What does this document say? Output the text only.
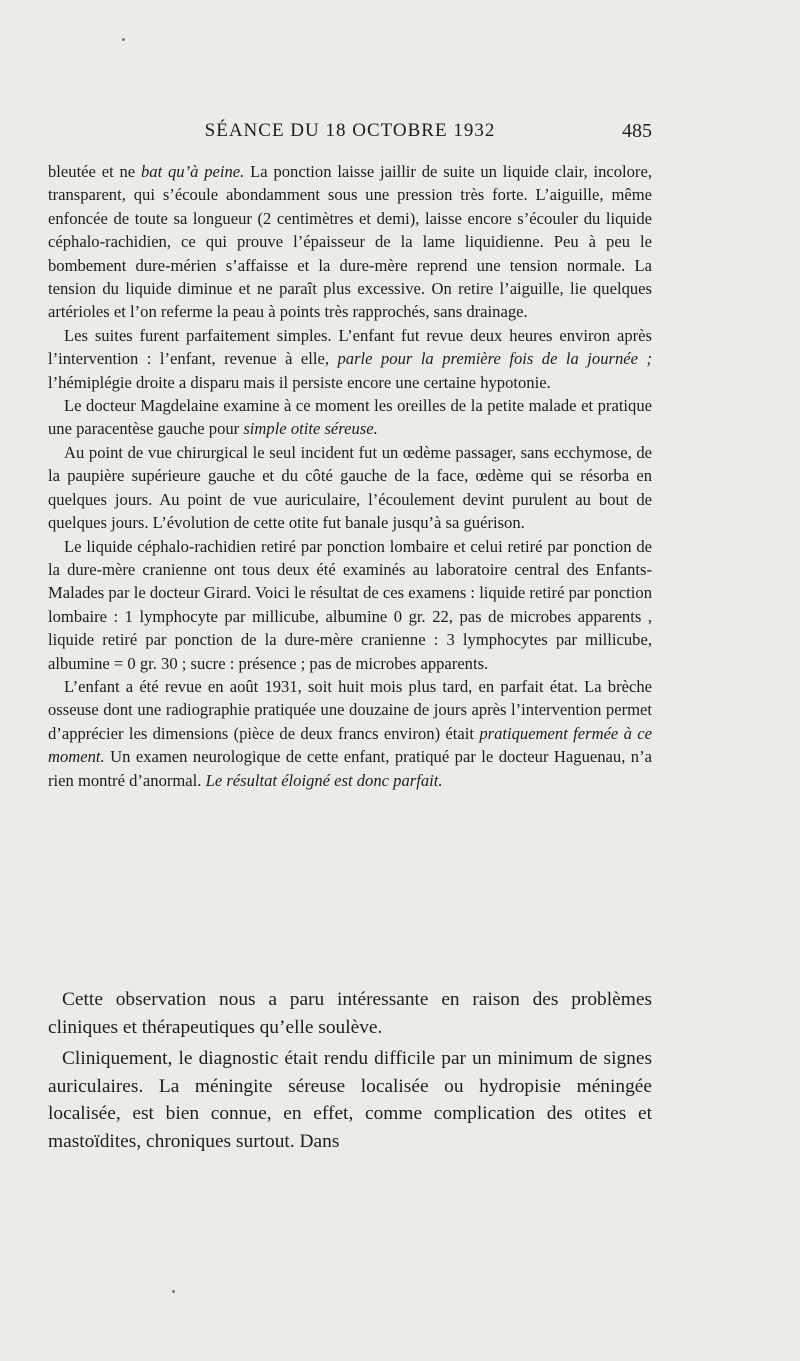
SÉANCE DU 18 OCTOBRE 1932	485

bleutée et ne bat qu’à peine. La ponction laisse jaillir de suite un liquide clair, incolore, transparent, qui s’écoule abondamment sous une pression très forte. L’aiguille, même enfoncée de toute sa longueur (2 centimètres et demi), laisse encore s’écouler du liquide céphalo-rachidien, ce qui prouve l’épaisseur de la lame liquidienne. Peu à peu le bombement dure-mérien s’affaisse et la dure-mère reprend une tension normale. La tension du liquide diminue et ne paraît plus excessive. On retire l’aiguille, lie quelques artérioles et l’on referme la peau à points très rapprochés, sans drainage.

Les suites furent parfaitement simples. L’enfant fut revue deux heures environ après l’intervention : l’enfant, revenue à elle, parle pour la première fois de la journée ; l’hémiplégie droite a disparu mais il persiste encore une certaine hypotonie.

Le docteur Magdelaine examine à ce moment les oreilles de la petite malade et pratique une paracentèse gauche pour simple otite séreuse.

Au point de vue chirurgical le seul incident fut un œdème passager, sans ecchymose, de la paupière supérieure gauche et du côté gauche de la face, œdème qui se résorba en quelques jours. Au point de vue auriculaire, l’écoulement devint purulent au bout de quelques jours. L’évolution de cette otite fut banale jusqu’à sa guérison.

Le liquide céphalo-rachidien retiré par ponction lombaire et celui retiré par ponction de la dure-mère cranienne ont tous deux été examinés au laboratoire central des Enfants-Malades par le docteur Girard. Voici le résultat de ces examens : liquide retiré par ponction lombaire : 1 lymphocyte par millicube, albumine 0 gr. 22, pas de microbes apparents , liquide retiré par ponction de la dure-mère cranienne : 3 lymphocytes par millicube, albumine = 0 gr. 30 ; sucre : présence ; pas de microbes apparents.

L’enfant a été revue en août 1931, soit huit mois plus tard, en parfait état. La brèche osseuse dont une radiographie pratiquée une douzaine de jours après l’intervention permet d’apprécier les dimensions (pièce de deux francs environ) était pratiquement fermée à ce moment. Un examen neurologique de cette enfant, pratiqué par le docteur Haguenau, n’a rien montré d’anormal. Le résultat éloigné est donc parfait.

Cette observation nous a paru intéressante en raison des problèmes cliniques et thérapeutiques qu’elle soulève.

Cliniquement, le diagnostic était rendu difficile par un minimum de signes auriculaires. La méningite séreuse localisée ou hydropisie méningée localisée, est bien connue, en effet, comme complication des otites et mastoïdites, chroniques surtout. Dans
